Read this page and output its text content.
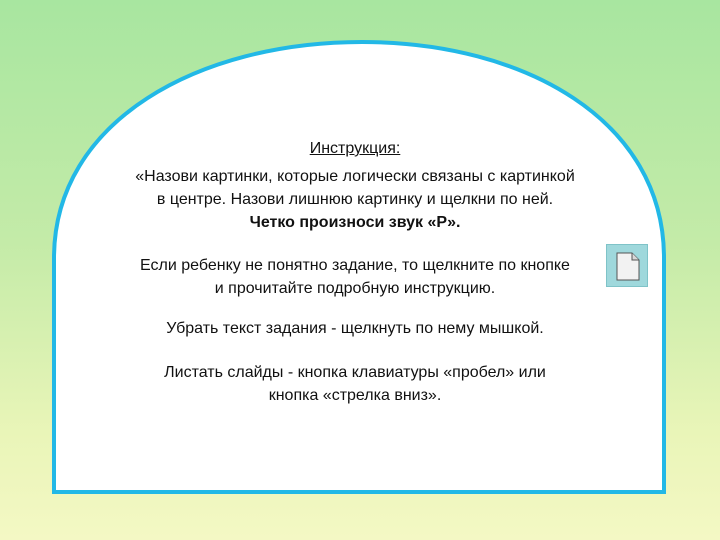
Инструкция:
«Назови картинки, которые логически связаны с картинкой
в центре. Назови лишнюю картинку и щелкни по ней.
Четко произноси звук «Р».
Если ребенку не понятно задание, то щелкните по кнопке
и прочитайте подробную инструкцию.
Убрать текст задания - щелкнуть по нему мышкой.
Листать слайды - кнопка клавиатуры «пробел» или
кнопка «стрелка вниз».
